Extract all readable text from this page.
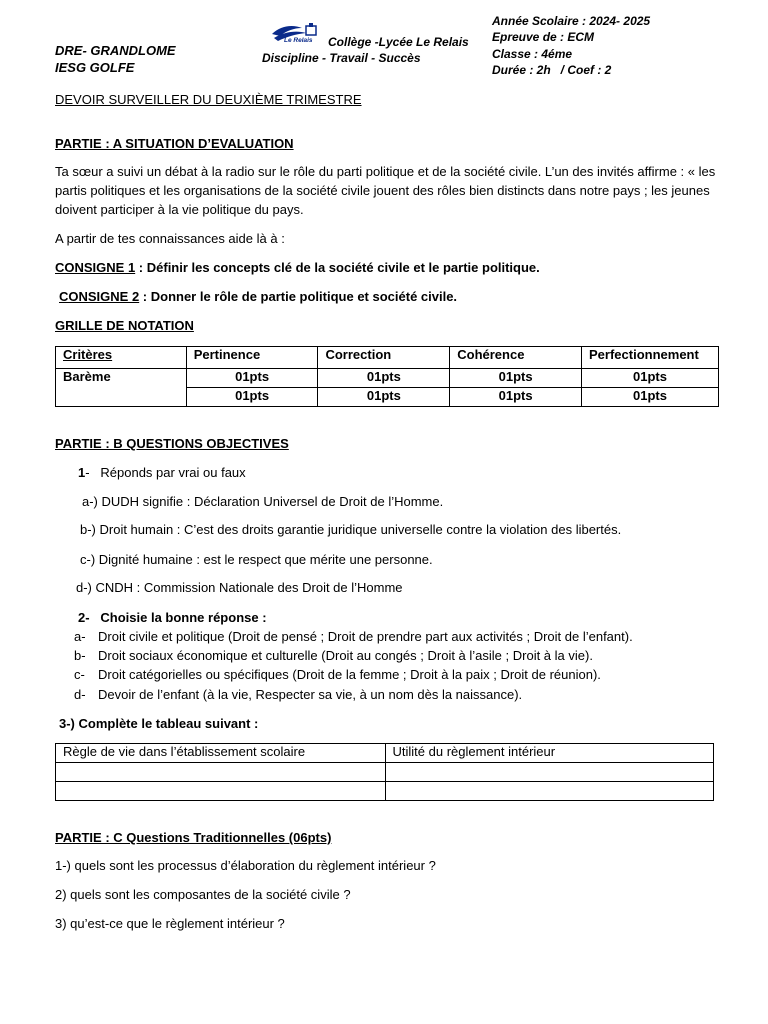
DRE- GRANDLOME
IESG GOLFE
Le Relais Collège -Lycée Le Relais
Discipline - Travail - Succès
Année Scolaire : 2024- 2025
Epreuve de : ECM
Classe : 4éme
Durée : 2h   / Coef : 2
DEVOIR SURVEILLER DU DEUXIÈME TRIMESTRE
PARTIE : A SITUATION D’EVALUATION
Ta sœur a suivi un débat à la radio sur le rôle du parti politique et de la société civile. L’un des invités affirme : « les partis politiques et les organisations de la société civile jouent des rôles bien distincts dans notre pays ; les jeunes doivent participer à la vie politique du pays.
A partir de tes connaissances aide là à :
CONSIGNE 1 : Définir les concepts clé de la société civile et le partie politique.
CONSIGNE 2 : Donner le rôle de partie politique et société civile.
GRILLE DE NOTATION
Critères	Pertinence	Correction	Cohérence	Perfectionnement
Barème	01pts	01pts	01pts	01pts
	01pts	01pts	01pts	01pts
PARTIE : B QUESTIONS OBJECTIVES
1-   Réponds par vrai ou faux
a-) DUDH signifie : Déclaration Universel de Droit de l’Homme.
b-) Droit humain : C’est des droits garantie juridique universelle contre la violation des libertés.
c-) Dignité humaine : est le respect que mérite une personne.
d-) CNDH : Commission Nationale des Droit de l’Homme
2-   Choisie la bonne réponse :
a- Droit civile et politique (Droit de pensé ; Droit de prendre part aux activités ; Droit de l’enfant).
b- Droit sociaux économique et culturelle (Droit au congés ; Droit à l’asile ; Droit à la vie).
c- Droit catégorielles ou spécifiques (Droit de la femme ; Droit à la paix ; Droit de réunion).
d- Devoir de l’enfant (à la vie, Respecter sa vie, à un nom dès la naissance).
3-) Complète le tableau suivant :
Règle de vie dans l’établissement scolaire	Utilité du règlement intérieur

PARTIE : C Questions Traditionnelles (06pts)
1-) quels sont les processus d’élaboration du règlement intérieur ?
2) quels sont les composantes de la société civile ?
3) qu’est-ce que le règlement intérieur ?
